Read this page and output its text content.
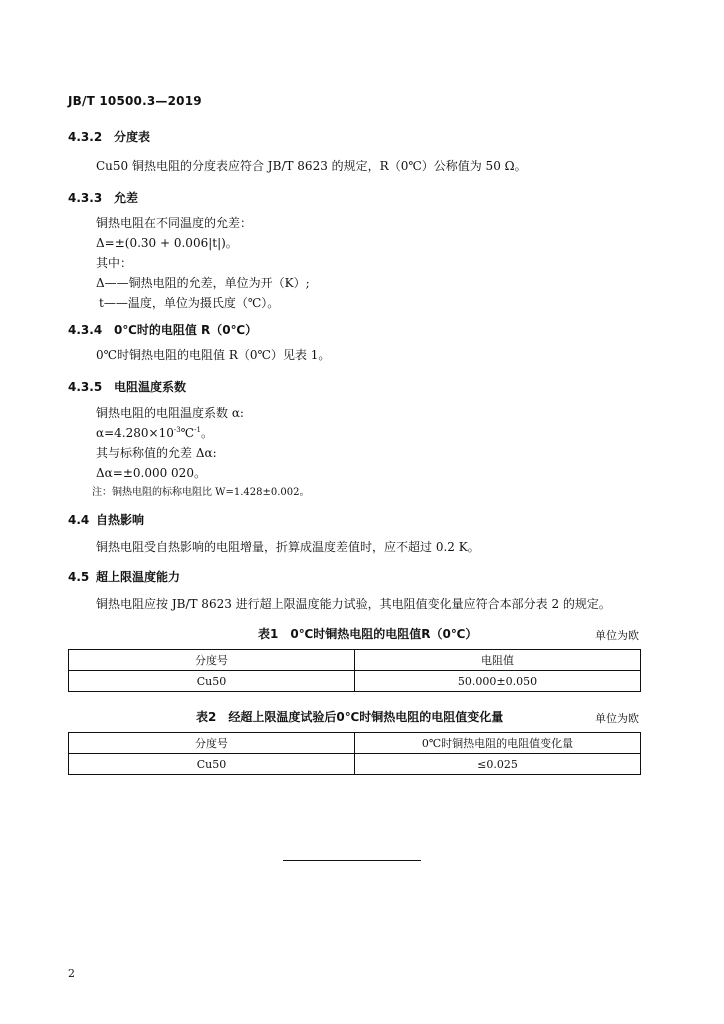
JB/T 10500.3—2019
4.3.2 分度表
Cu50 铜热电阻的分度表应符合 JB/T 8623 的规定，R（0℃）公称值为 50 Ω。
4.3.3 允差
铜热电阻在不同温度的允差：
Δ=±(0.30 + 0.006|t|)。
其中：
Δ——铜热电阻的允差，单位为开（K）;
t——温度，单位为摄氏度（℃）。
4.3.4 0℃时的电阻值 R（0℃）
0℃时铜热电阻的电阻值 R（0℃）见表 1。
4.3.5 电阻温度系数
铜热电阻的电阻温度系数 α:
$\alpha=4.280\times 10^{-3}℃^{-1}$。
其与标称值的允差 Δα:
Δα=±0.000 020。
注：铜热电阻的标称电阻比 W=1.428±0.002。
4.4 自热影响
铜热电阻受自热影响的电阻增量，折算成温度差值时，应不超过 0.2 K。
4.5 超上限温度能力
铜热电阻应按 JB/T 8623 进行超上限温度能力试验，其电阻值变化量应符合本部分表 2 的规定。
表1　0℃时铜热电阻的电阻值R（0℃）	单位为欧
分度号	电阻值
Cu50	50.000±0.050
表2　经超上限温度试验后0℃时铜热电阻的电阻值变化量	单位为欧
分度号	0℃时铜热电阻的电阻值变化量
Cu50	≤0.025
2
